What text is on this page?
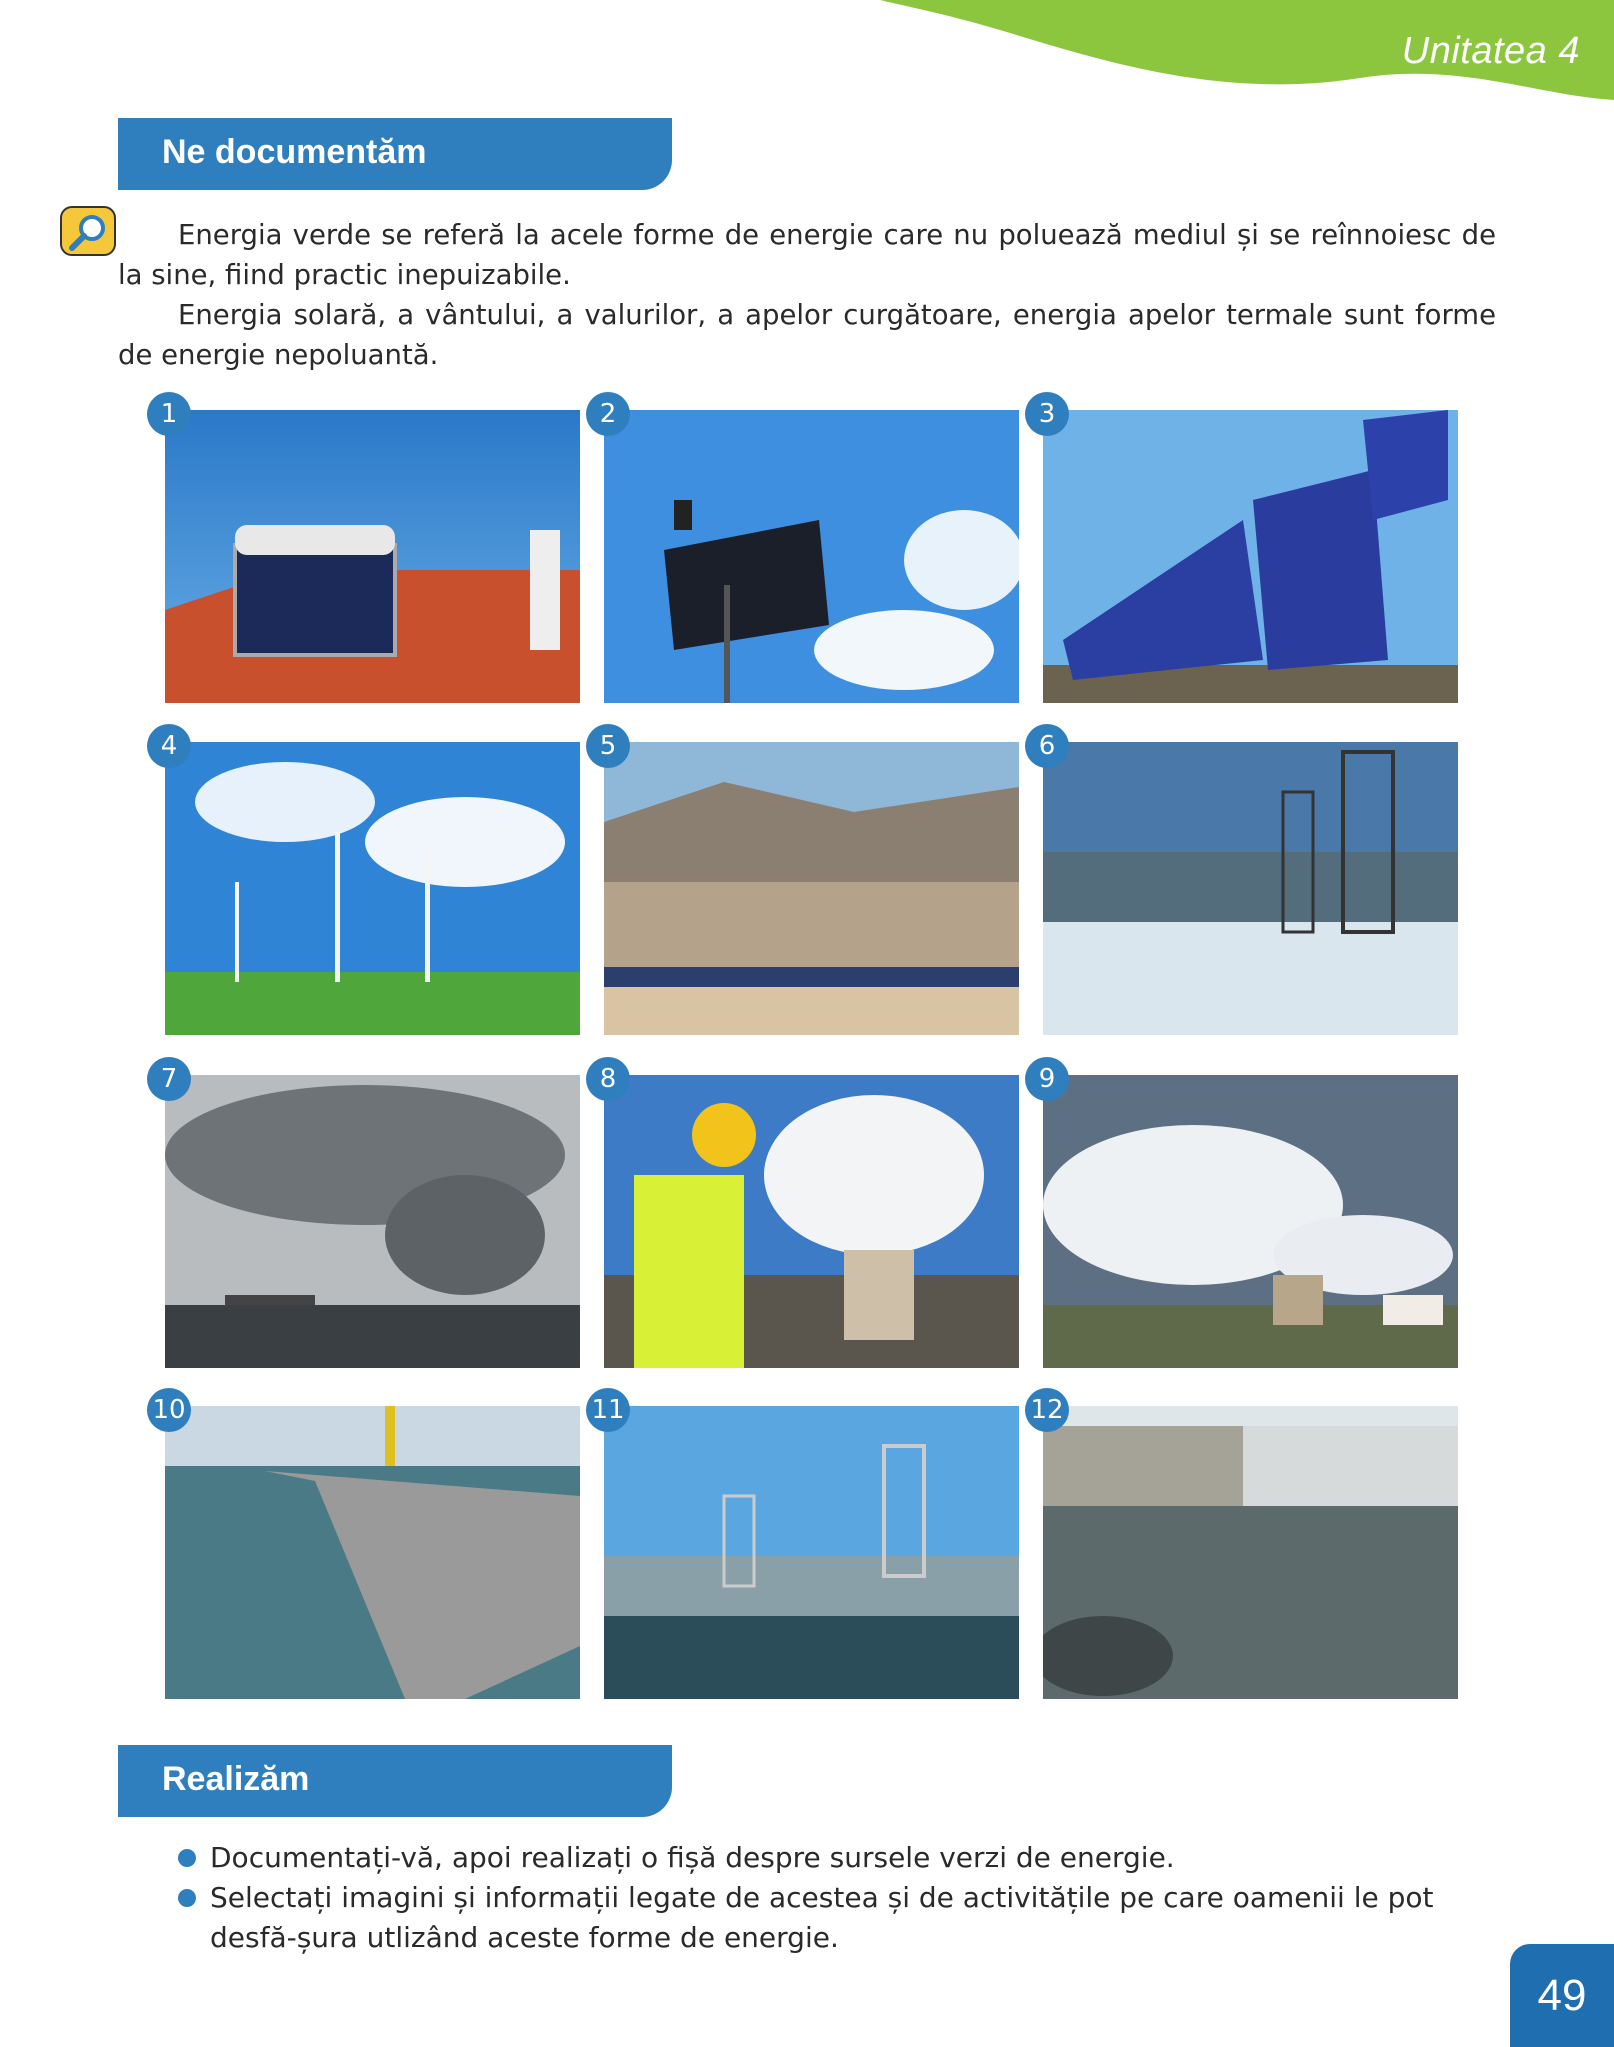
Unitatea 4
Ne documentăm

Energia verde se referă la acele forme de energie care nu poluează mediul și se reînnoiesc de la sine, fiind practic inepuizabile.

Energia solară, a vântului, a valurilor, a apelor curgătoare, energia apelor termale sunt forme de energie nepoluantă.

1	2	3
4	5	6
7	8	9
10	11	12
Realizăm
Documentați-vă, apoi realizați o fișă despre sursele verzi de energie.
Selectați imagini și informații legate de acestea și de activitățile pe care oamenii le pot desfă-șura utlizând aceste forme de energie.
49
